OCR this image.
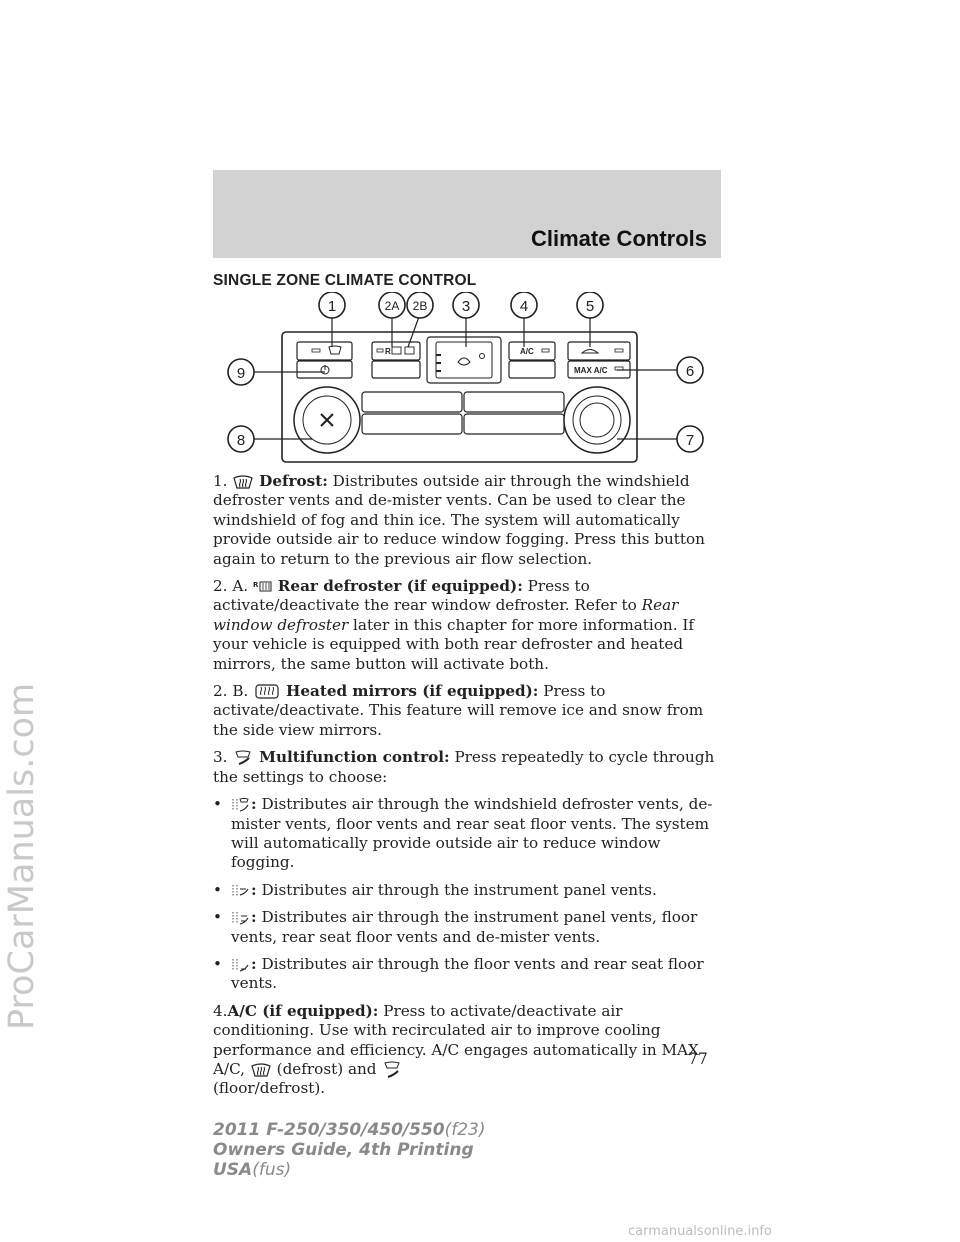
Climate Controls
SINGLE ZONE CLIMATE CONTROL
R	A/C
MAX A/C
1	2A 2B 3	4	5
6
7
8
9

1. Defrost: Distributes outside air through the windshield defroster vents and de-mister vents. Can be used to clear the windshield of fog and thin ice. The system will automatically provide outside air to reduce window fogging. Press this button again to return to the previous air flow selection.

2. A. R Rear defroster (if equipped): Press to activate/deactivate the rear window defroster. Refer to Rear window defroster later in this chapter for more information. If your vehicle is equipped with both rear defroster and heated mirrors, the same button will activate both.

2. B. Heated mirrors (if equipped): Press to activate/deactivate. This feature will remove ice and snow from the side view mirrors.

3. Multifunction control: Press repeatedly to cycle through the settings to choose:

•	: Distributes air through the windshield defroster vents, de-mister vents, floor vents and rear seat floor vents. The system will automatically provide outside air to reduce window fogging.
•	: Distributes air through the instrument panel vents.
•	: Distributes air through the instrument panel vents, floor vents, rear seat floor vents and de-mister vents.
•	: Distributes air through the floor vents and rear seat floor vents.

4.A/C (if equipped): Press to activate/deactivate air conditioning. Use with recirculated air to improve cooling performance and efficiency. A/C engages automatically in MAX A/C, (defrost) and

(floor/defrost).

77
2011 F-250/350/450/550(f23)
Owners Guide, 4th Printing
USA(fus)
ProCarManuals.com
carmanualsonline.info
